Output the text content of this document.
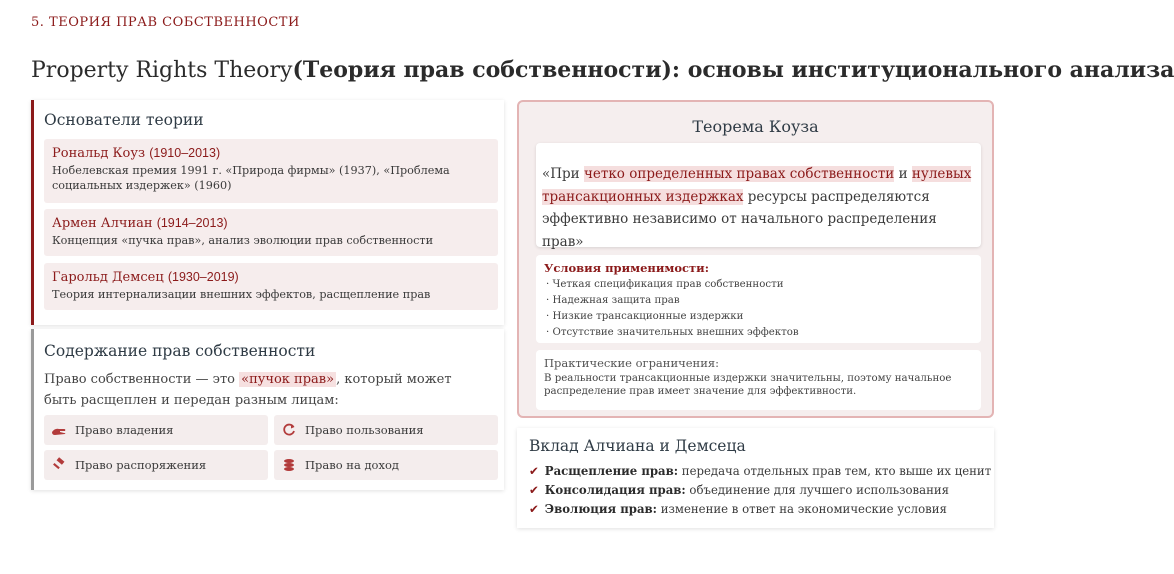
5. ТЕОРИЯ ПРАВ СОБСТВЕННОСТИ
Property Rights Theory(Теория прав собственности): основы институционального анализа
Основатели теории
Рональд Коуз (1910–2013)
Нобелевская премия 1991 г. «Природа фирмы» (1937), «Проблема социальных издержек» (1960)
Армен Алчиан (1914–2013)
Концепция «пучка прав», анализ эволюции прав собственности
Гарольд Демсец (1930–2019)
Теория интернализации внешних эффектов, расщепление прав
Содержание прав собственности
Право собственности — это «пучок прав» , который может быть расщеплен и передан разным лицам:
Право владения	Право пользования
Право распоряжения	Право на доход
Теорема Коуза
«При четко определенных правах собственности и нулевых трансакционных издержках ресурсы распределяются эффективно независимо от начального распределения прав»
Условия применимости:
· Четкая спецификация прав собственности
· Надежная защита прав
· Низкие трансакционные издержки
· Отсутствие значительных внешних эффектов
Практические ограничения:
В реальности трансакционные издержки значительны, поэтому начальное распределение прав имеет значение для эффективности.
Вклад Алчиана и Демсеца
✔ Расщепление прав: передача отдельных прав тем, кто выше их ценит
✔ Консолидация прав: объединение для лучшего использования
✔ Эволюция прав: изменение в ответ на экономические условия
